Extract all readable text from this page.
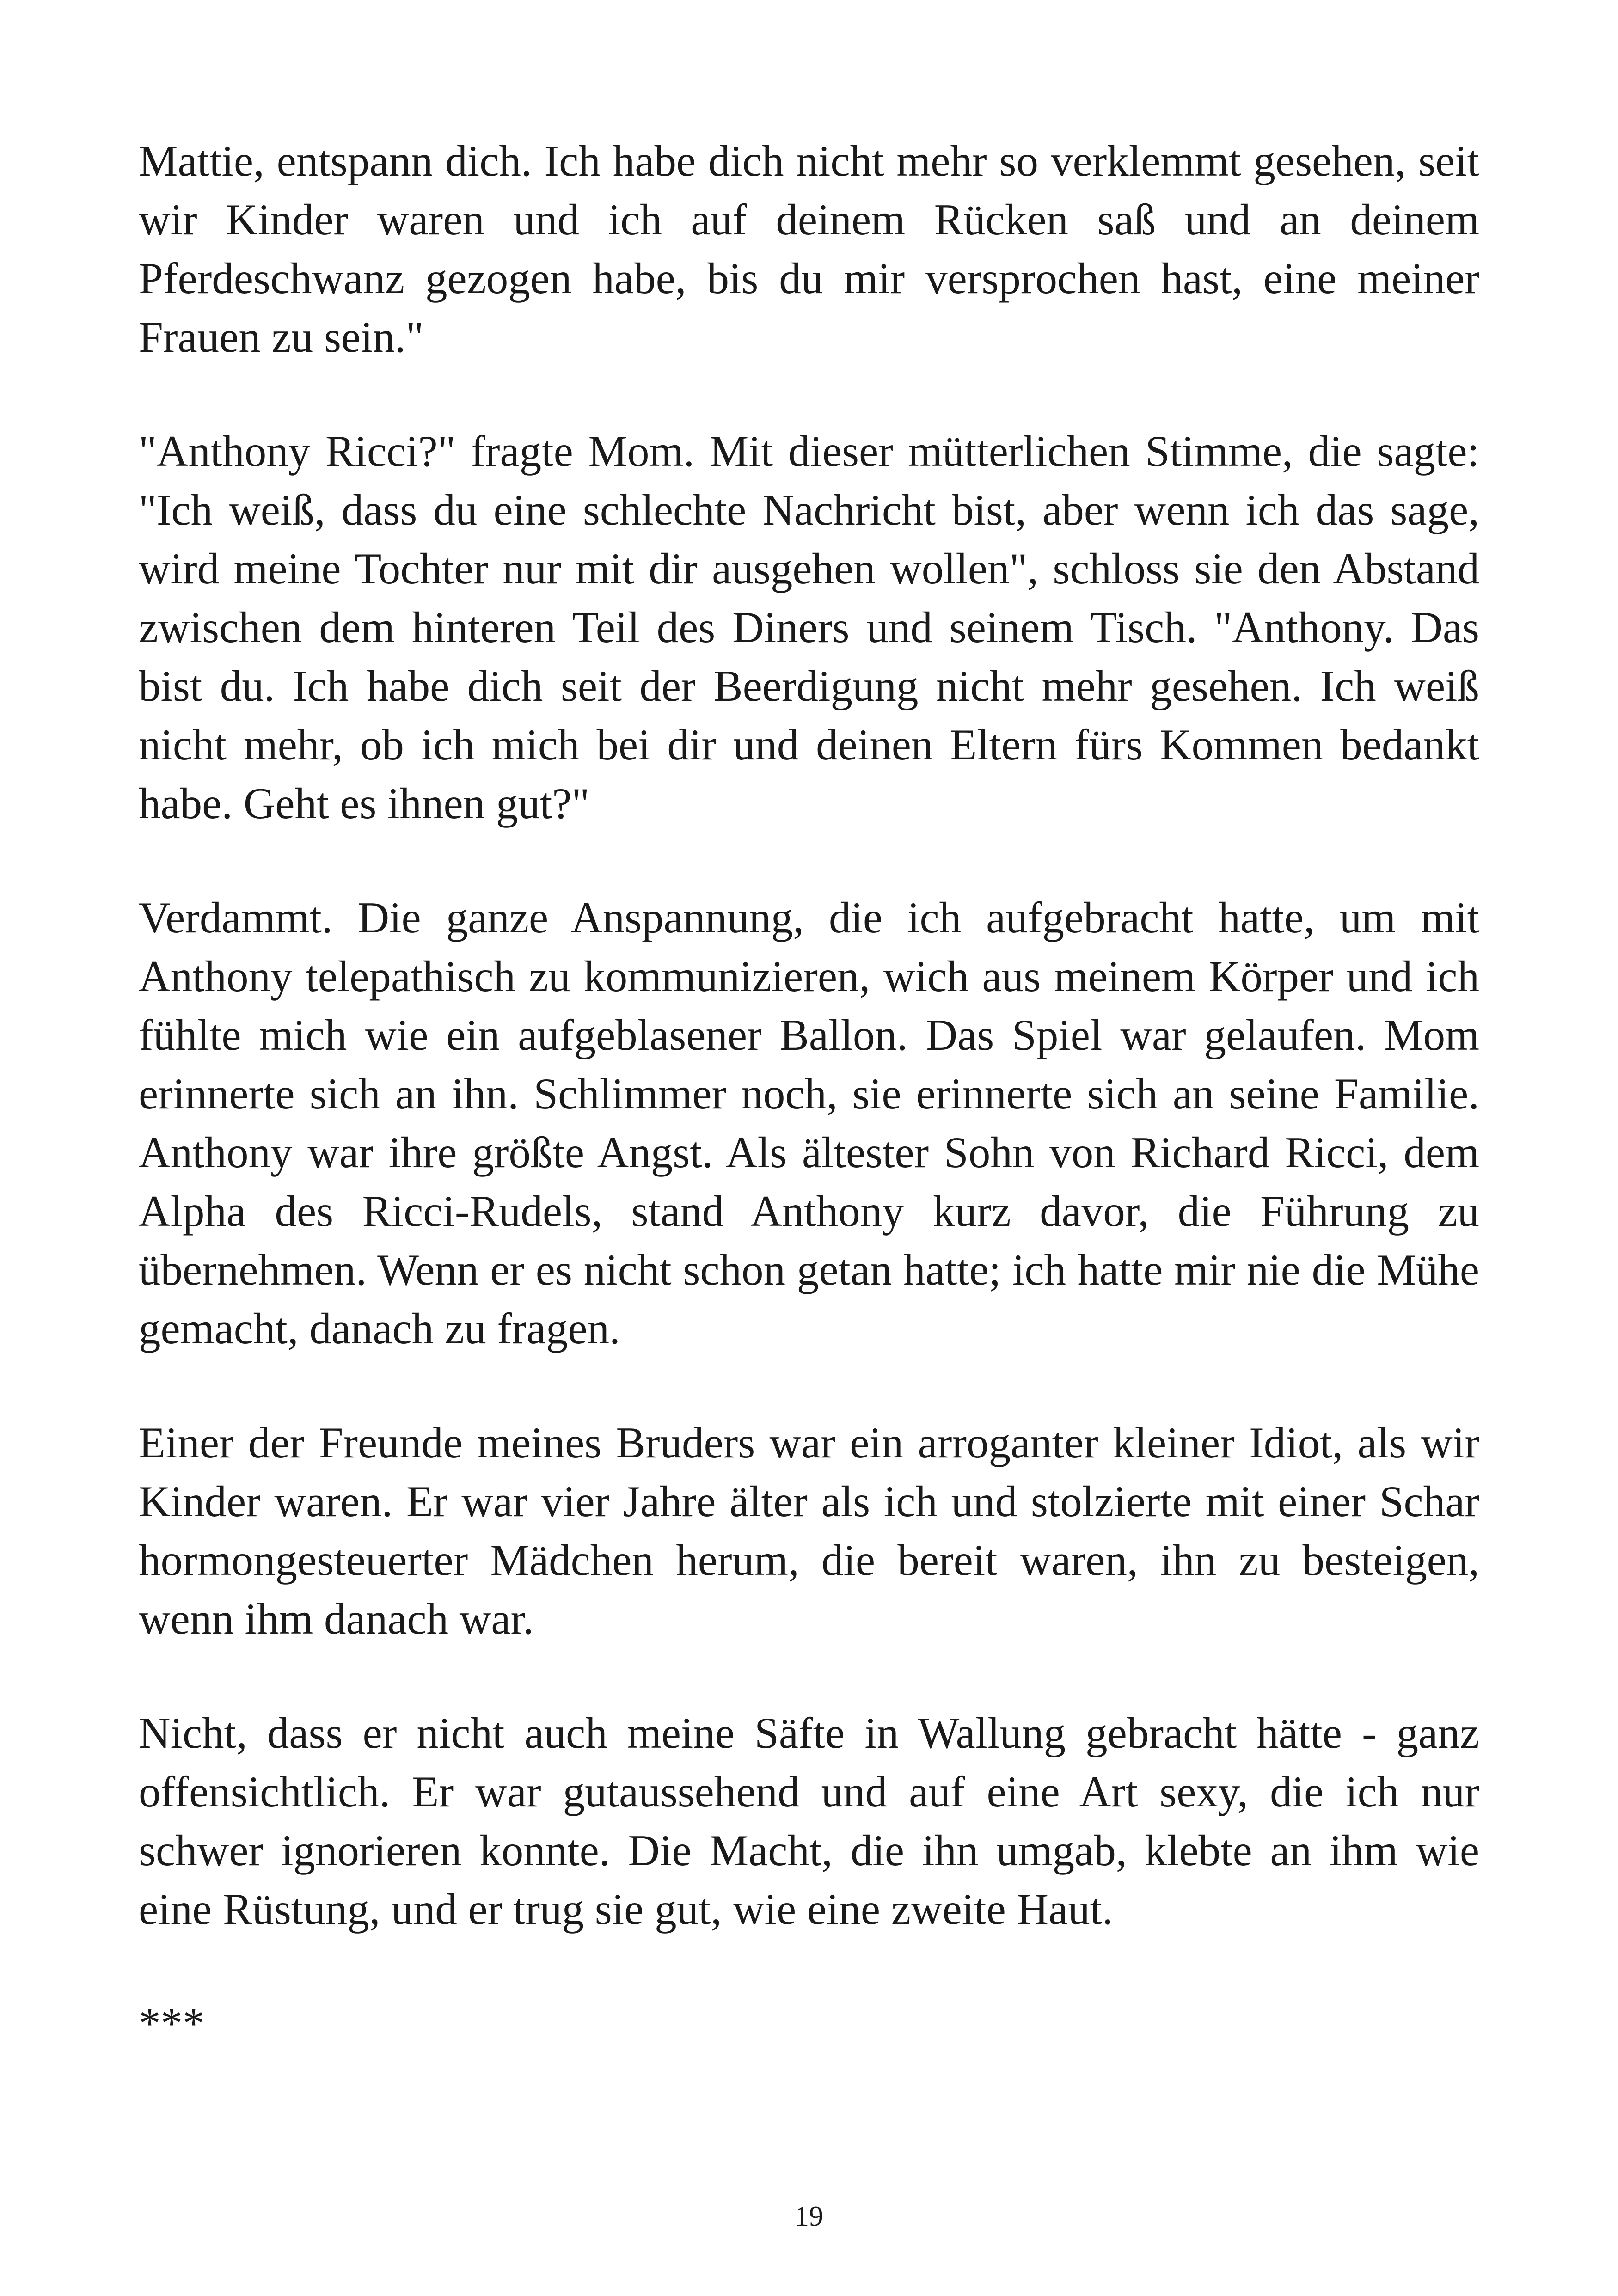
Mattie, entspann dich. Ich habe dich nicht mehr so verklemmt gesehen, seit wir Kinder waren und ich auf deinem Rücken saß und an deinem Pferdeschwanz gezogen habe, bis du mir versprochen hast, eine meiner Frauen zu sein."

"Anthony Ricci?" fragte Mom. Mit dieser mütterlichen Stimme, die sagte: "Ich weiß, dass du eine schlechte Nachricht bist, aber wenn ich das sage, wird meine Tochter nur mit dir ausgehen wollen", schloss sie den Abstand zwischen dem hinteren Teil des Diners und seinem Tisch. "Anthony. Das bist du. Ich habe dich seit der Beerdigung nicht mehr gesehen. Ich weiß nicht mehr, ob ich mich bei dir und deinen Eltern fürs Kommen bedankt habe. Geht es ihnen gut?"

Verdammt. Die ganze Anspannung, die ich aufgebracht hatte, um mit Anthony telepathisch zu kommunizieren, wich aus meinem Körper und ich fühlte mich wie ein aufgeblasener Ballon. Das Spiel war gelaufen. Mom erinnerte sich an ihn. Schlimmer noch, sie erinnerte sich an seine Familie. Anthony war ihre größte Angst. Als ältester Sohn von Richard Ricci, dem Alpha des Ricci-Rudels, stand Anthony kurz davor, die Führung zu übernehmen. Wenn er es nicht schon getan hatte; ich hatte mir nie die Mühe gemacht, danach zu fragen.

Einer der Freunde meines Bruders war ein arroganter kleiner Idiot, als wir Kinder waren. Er war vier Jahre älter als ich und stolzierte mit einer Schar hormongesteuerter Mädchen herum, die bereit waren, ihn zu besteigen, wenn ihm danach war.

Nicht, dass er nicht auch meine Säfte in Wallung gebracht hätte - ganz offensichtlich. Er war gutaussehend und auf eine Art sexy, die ich nur schwer ignorieren konnte. Die Macht, die ihn umgab, klebte an ihm wie eine Rüstung, und er trug sie gut, wie eine zweite Haut.

***

19
